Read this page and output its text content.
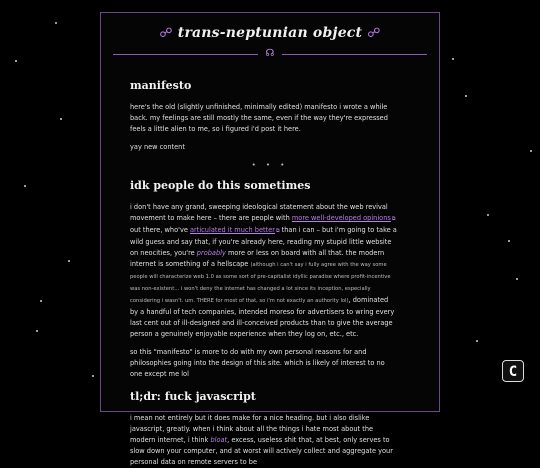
☍ trans-neptunian object ☍
☊
manifesto

here's the old (slightly unfinished, minimally edited) manifesto i wrote a while back. my feelings are still mostly the same, even if the way they're expressed feels a little alien to me, so i figured i'd post it here.

yay new content

• • •
idk people do this sometimes

i don't have any grand, sweeping ideological statement about the web revival movement to make here – there are people with more well-developed opinions⧉ out there, who've articulated it much better⧉ than i can – but i'm going to take a wild guess and say that, if you're already here, reading my stupid little website on neocities, you're probably more or less on board with all that. the modern internet is something of a hellscape (although i can't say i fully agree with the way some people will characterize web 1.0 as some sort of pre-capitalist idyllic paradise where profit-incentive was non-existent... i won't deny the internet has changed a lot since its inception, especially considering i wasn't. um. THERE for most of that, so i'm not exactly an authority lol), dominated by a handful of tech companies, intended moreso for advertisers to wring every last cent out of ill-designed and ill-conceived products than to give the average person a genuinely enjoyable experience when they log on, etc., etc.

so this "manifesto" is more to do with my own personal reasons for and philosophies going into the design of this site. which is likely of interest to no one except me lol

tl;dr: fuck javascript

i mean not entirely but it does make for a nice heading. but i also dislike javascript, greatly. when i think about all the things i hate most about the modern internet, i think bloat, excess, useless shit that, at best, only serves to slow down your computer, and at worst will actively collect and aggregate your personal data on remote servers to be

C
